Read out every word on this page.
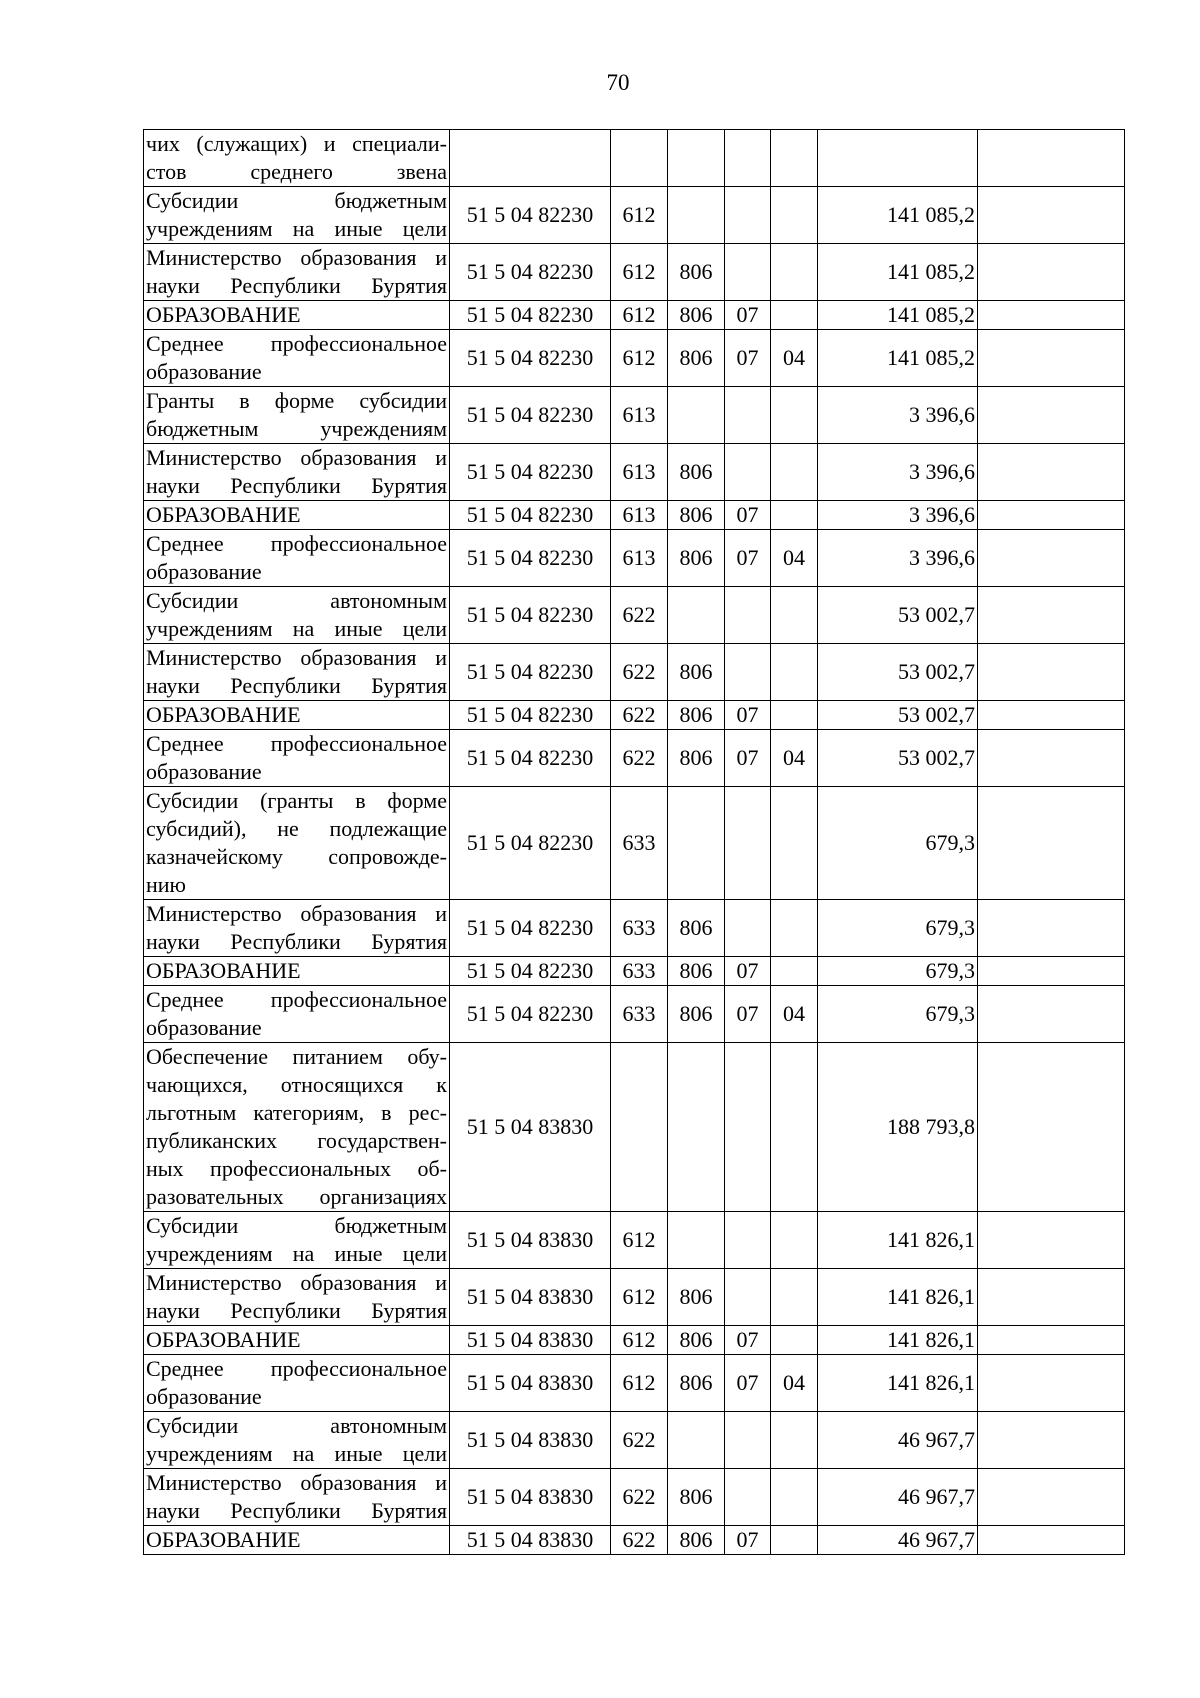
70
чих (служащих) и специали-стов среднего звена							
Субсидии бюджетным учреждениям на иные цели	51 5 04 82230	612				141 085,2	
Министерство образования и науки Республики Бурятия	51 5 04 82230	612	806			141 085,2	
ОБРАЗОВАНИЕ	51 5 04 82230	612	806	07		141 085,2	
Среднее профессиональное образование	51 5 04 82230	612	806	07	04	141 085,2	
Гранты в форме субсидии бюджетным учреждениям	51 5 04 82230	613				3 396,6	
Министерство образования и науки Республики Бурятия	51 5 04 82230	613	806			3 396,6	
ОБРАЗОВАНИЕ	51 5 04 82230	613	806	07		3 396,6	
Среднее профессиональное образование	51 5 04 82230	613	806	07	04	3 396,6	
Субсидии автономным учреждениям на иные цели	51 5 04 82230	622				53 002,7	
Министерство образования и науки Республики Бурятия	51 5 04 82230	622	806			53 002,7	
ОБРАЗОВАНИЕ	51 5 04 82230	622	806	07		53 002,7	
Среднее профессиональное образование	51 5 04 82230	622	806	07	04	53 002,7	
Субсидии (гранты в форме субсидий), не подлежащие казначейскому сопровожде-нию	51 5 04 82230	633				679,3	
Министерство образования и науки Республики Бурятия	51 5 04 82230	633	806			679,3	
ОБРАЗОВАНИЕ	51 5 04 82230	633	806	07		679,3	
Среднее профессиональное образование	51 5 04 82230	633	806	07	04	679,3	
Обеспечение питанием обу-чающихся, относящихся к льготным категориям, в рес-публиканских государствен-ных профессиональных об-разовательных организациях	51 5 04 83830					188 793,8	
Субсидии бюджетным учреждениям на иные цели	51 5 04 83830	612				141 826,1	
Министерство образования и науки Республики Бурятия	51 5 04 83830	612	806			141 826,1	
ОБРАЗОВАНИЕ	51 5 04 83830	612	806	07		141 826,1	
Среднее профессиональное образование	51 5 04 83830	612	806	07	04	141 826,1	
Субсидии автономным учреждениям на иные цели	51 5 04 83830	622				46 967,7	
Министерство образования и науки Республики Бурятия	51 5 04 83830	622	806			46 967,7	
ОБРАЗОВАНИЕ	51 5 04 83830	622	806	07		46 967,7	
